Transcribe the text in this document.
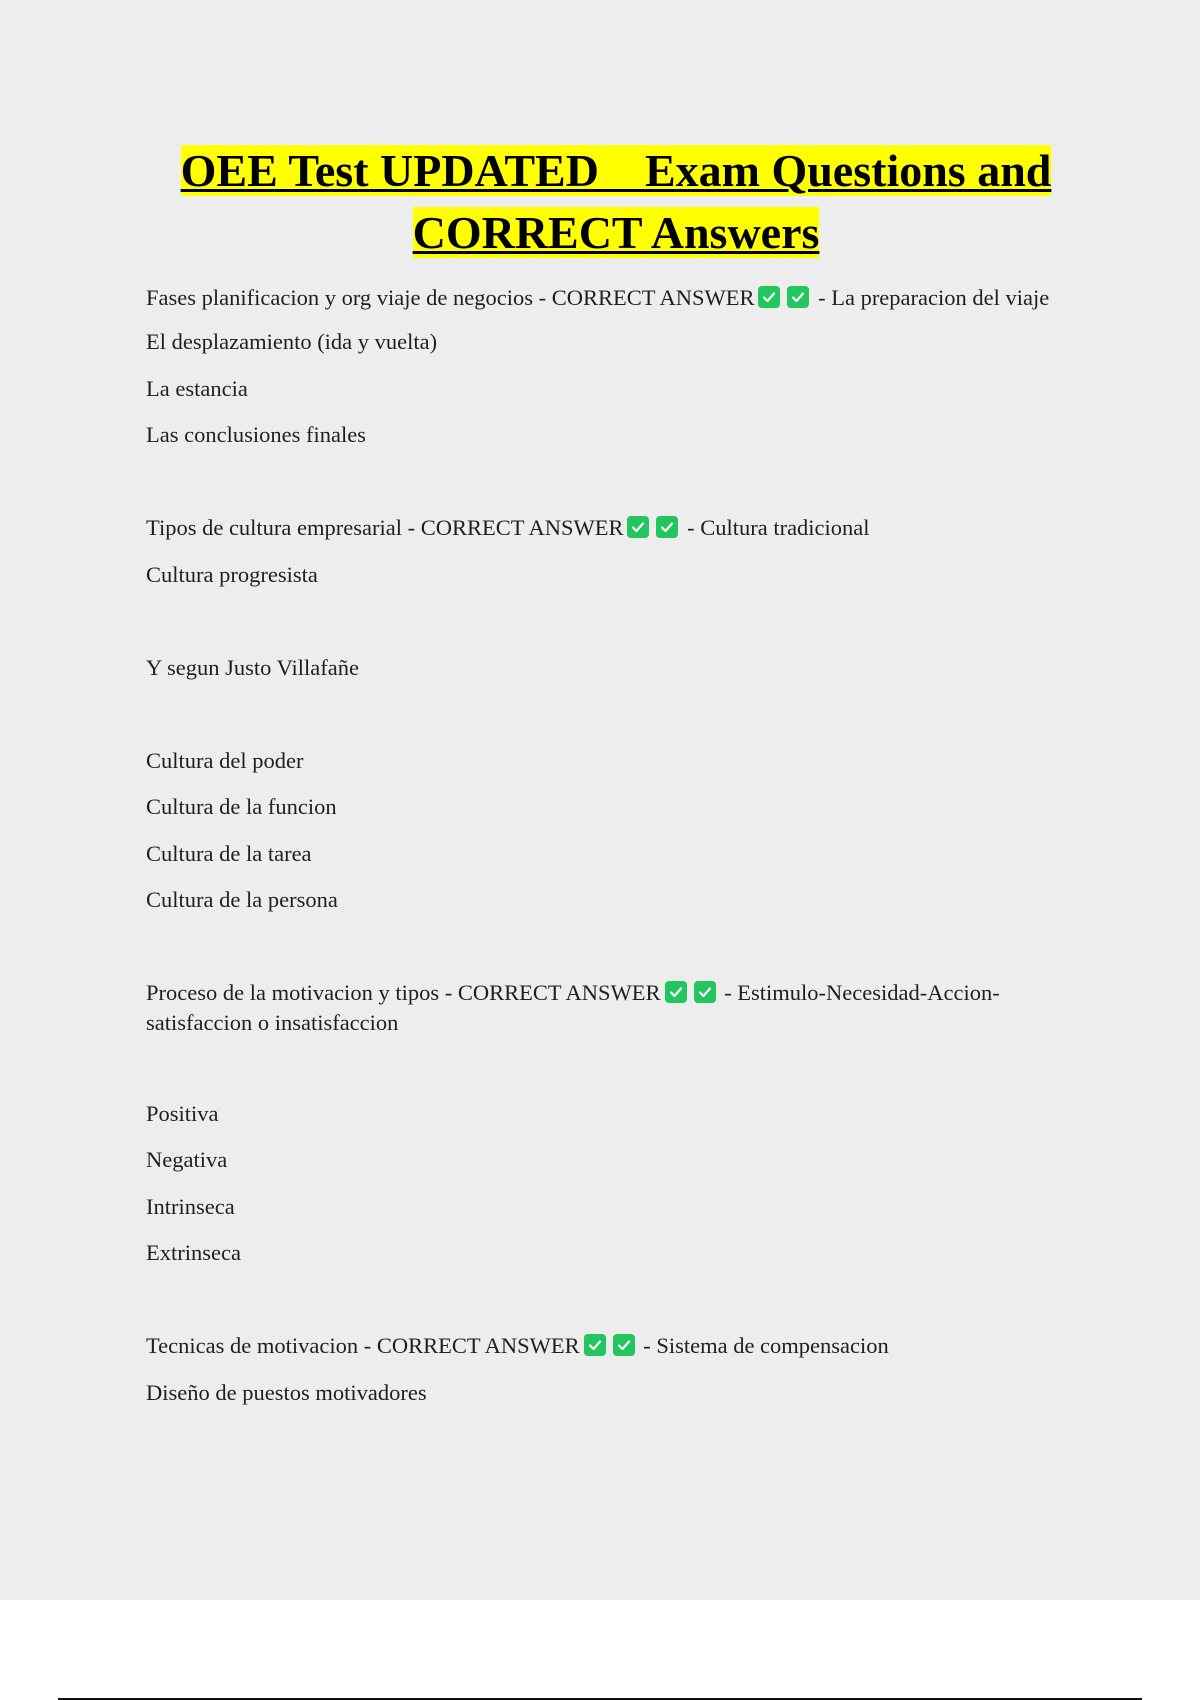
OEE Test UPDATED    Exam Questions and
CORRECT Answers
Fases planificacion y org viaje de negocios - CORRECT ANSWER	- La preparacion del viaje
El desplazamiento (ida y vuelta)
La estancia
Las conclusiones finales
Tipos de cultura empresarial - CORRECT ANSWER	- Cultura tradicional
Cultura progresista
Y segun Justo Villafañe
Cultura del poder
Cultura de la funcion
Cultura de la tarea
Cultura de la persona
Proceso de la motivacion y tipos - CORRECT ANSWER	- Estimulo-Necesidad-Accion-satisfaccion o insatisfaccion
Positiva
Negativa
Intrinseca
Extrinseca
Tecnicas de motivacion - CORRECT ANSWER	- Sistema de compensacion
Diseño de puestos motivadores
